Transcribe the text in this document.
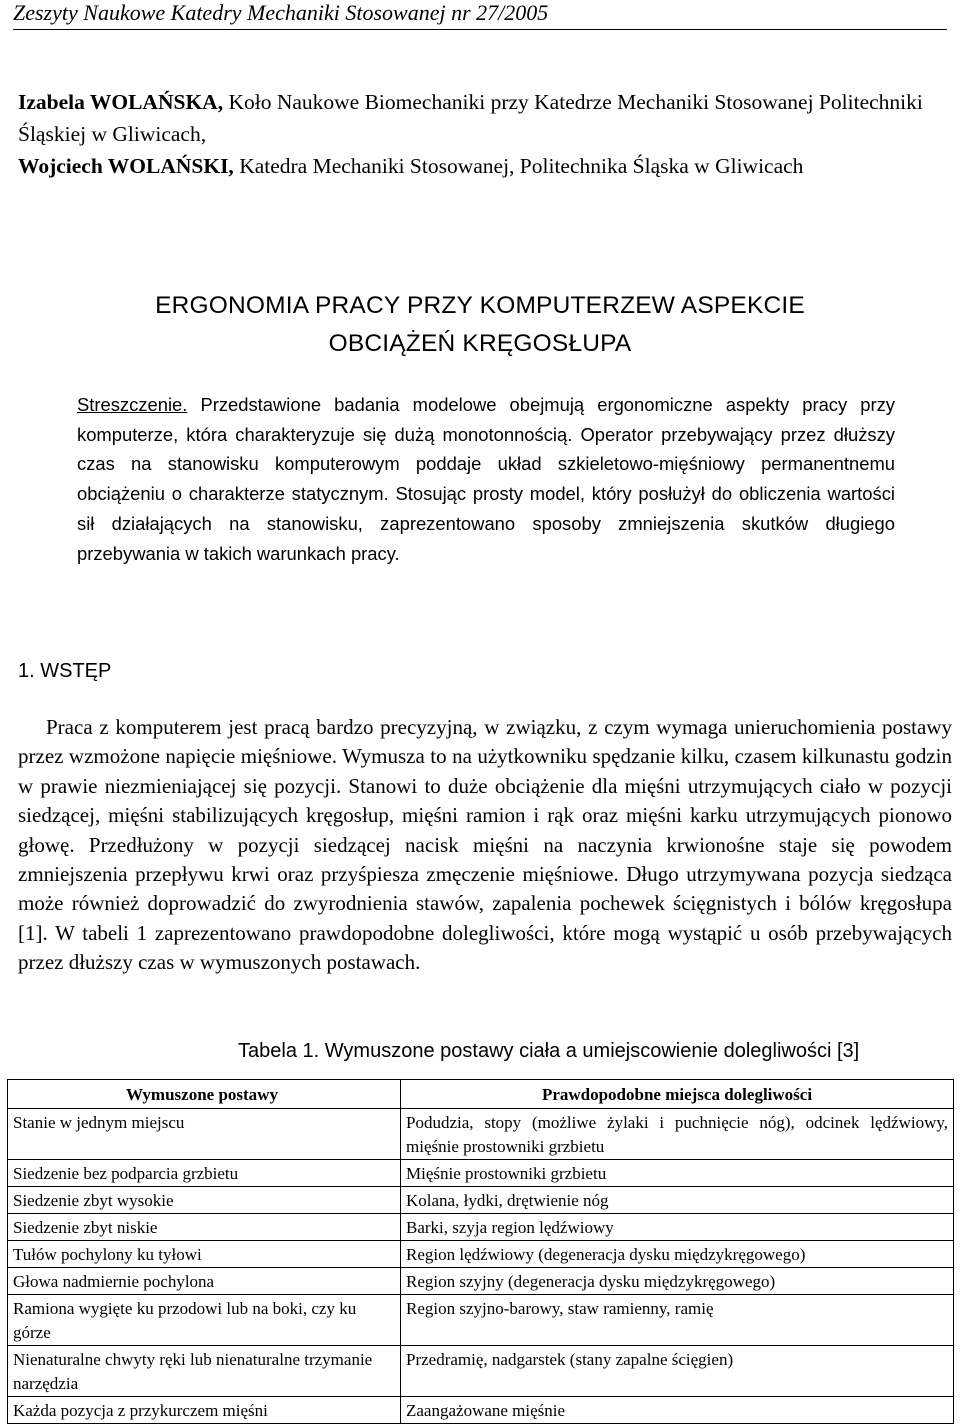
Zeszyty Naukowe Katedry Mechaniki Stosowanej nr 27/2005
Izabela WOLAŃSKA, Koło Naukowe Biomechaniki przy Katedrze Mechaniki Stosowanej Politechniki Śląskiej w Gliwicach,
Wojciech WOLAŃSKI, Katedra Mechaniki Stosowanej, Politechnika Śląska w Gliwicach
ERGONOMIA PRACY PRZY KOMPUTERZEW ASPEKCIE
OBCIĄŻEŃ KRĘGOSŁUPA
Streszczenie. Przedstawione badania modelowe obejmują ergonomiczne aspekty pracy przy komputerze, która charakteryzuje się dużą monotonnością. Operator przebywający przez dłuższy czas na stanowisku komputerowym poddaje układ szkieletowo-mięśniowy permanentnemu obciążeniu o charakterze statycznym. Stosując prosty model, który posłużył do obliczenia wartości sił działających na stanowisku, zaprezentowano sposoby zmniejszenia skutków długiego przebywania w takich warunkach pracy.
1. WSTĘP
Praca z komputerem jest pracą bardzo precyzyjną, w związku, z czym wymaga unieruchomienia postawy przez wzmożone napięcie mięśniowe. Wymusza to na użytkowniku spędzanie kilku, czasem kilkunastu godzin w prawie niezmieniającej się pozycji. Stanowi to duże obciążenie dla mięśni utrzymujących ciało w pozycji siedzącej, mięśni stabilizujących kręgosłup, mięśni ramion i rąk oraz mięśni karku utrzymujących pionowo głowę. Przedłużony w pozycji siedzącej nacisk mięśni na naczynia krwionośne staje się powodem zmniejszenia przepływu krwi oraz przyśpiesza zmęczenie mięśniowe. Długo utrzymywana pozycja siedząca może również doprowadzić do zwyrodnienia stawów, zapalenia pochewek ścięgnistych i bólów kręgosłupa [1]. W tabeli 1 zaprezentowano prawdopodobne dolegliwości, które mogą wystąpić u osób przebywających przez dłuższy czas w wymuszonych postawach.
Tabela 1. Wymuszone postawy ciała a umiejscowienie dolegliwości [3]
Wymuszone postawy	Prawdopodobne miejsca dolegliwości
Stanie w jednym miejscu	Podudzia, stopy (możliwe żylaki i puchnięcie nóg), odcinek lędźwiowy, mięśnie prostowniki grzbietu
Siedzenie bez podparcia grzbietu	Mięśnie prostowniki grzbietu
Siedzenie zbyt wysokie	Kolana, łydki, drętwienie nóg
Siedzenie zbyt niskie	Barki, szyja region lędźwiowy
Tułów pochylony ku tyłowi	Region lędźwiowy (degeneracja dysku międzykręgowego)
Głowa nadmiernie pochylona	Region szyjny (degeneracja dysku międzykręgowego)
Ramiona wygięte ku przodowi lub na boki, czy ku górze	Region szyjno-barowy, staw ramienny, ramię
Nienaturalne chwyty ręki lub nienaturalne trzymanie narzędzia	Przedramię, nadgarstek (stany zapalne ścięgien)
Każda pozycja z przykurczem mięśni	Zaangażowane mięśnie
